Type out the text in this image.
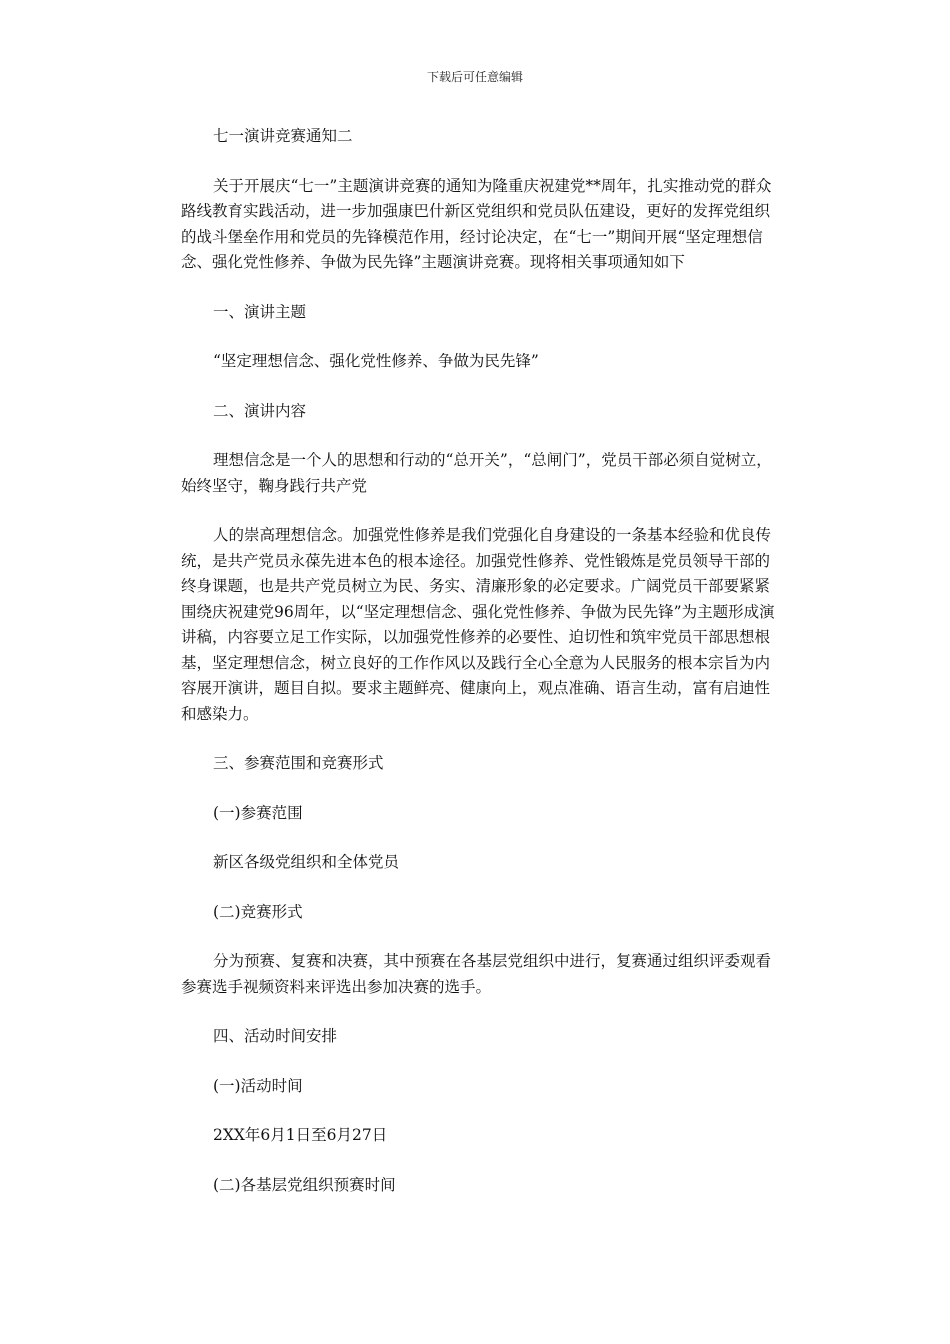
下载后可任意编辑

七一演讲竞赛通知二

关于开展庆“七一”主题演讲竞赛的通知为隆重庆祝建党**周年，扎实推动党的群众路线教育实践活动，进一步加强康巴什新区党组织和党员队伍建设，更好的发挥党组织的战斗堡垒作用和党员的先锋模范作用，经讨论决定，在“七一”期间开展“坚定理想信念、强化党性修养、争做为民先锋”主题演讲竞赛。现将相关事项通知如下

一、演讲主题

“坚定理想信念、强化党性修养、争做为民先锋”

二、演讲内容

理想信念是一个人的思想和行动的“总开关”，“总闸门”，党员干部必须自觉树立，始终坚守，鞠身践行共产党

人的崇高理想信念。加强党性修养是我们党强化自身建设的一条基本经验和优良传统，是共产党员永葆先进本色的根本途径。加强党性修养、党性锻炼是党员领导干部的终身课题，也是共产党员树立为民、务实、清廉形象的必定要求。广阔党员干部要紧紧围绕庆祝建党96周年，以“坚定理想信念、强化党性修养、争做为民先锋”为主题形成演讲稿，内容要立足工作实际，以加强党性修养的必要性、迫切性和筑牢党员干部思想根基，坚定理想信念，树立良好的工作作风以及践行全心全意为人民服务的根本宗旨为内容展开演讲，题目自拟。要求主题鲜亮、健康向上，观点准确、语言生动，富有启迪性和感染力。

三、参赛范围和竞赛形式

(一)参赛范围

新区各级党组织和全体党员

(二)竞赛形式

分为预赛、复赛和决赛，其中预赛在各基层党组织中进行，复赛通过组织评委观看参赛选手视频资料来评选出参加决赛的选手。

四、活动时间安排

(一)活动时间

2XX年6月1日至6月27日

(二)各基层党组织预赛时间
